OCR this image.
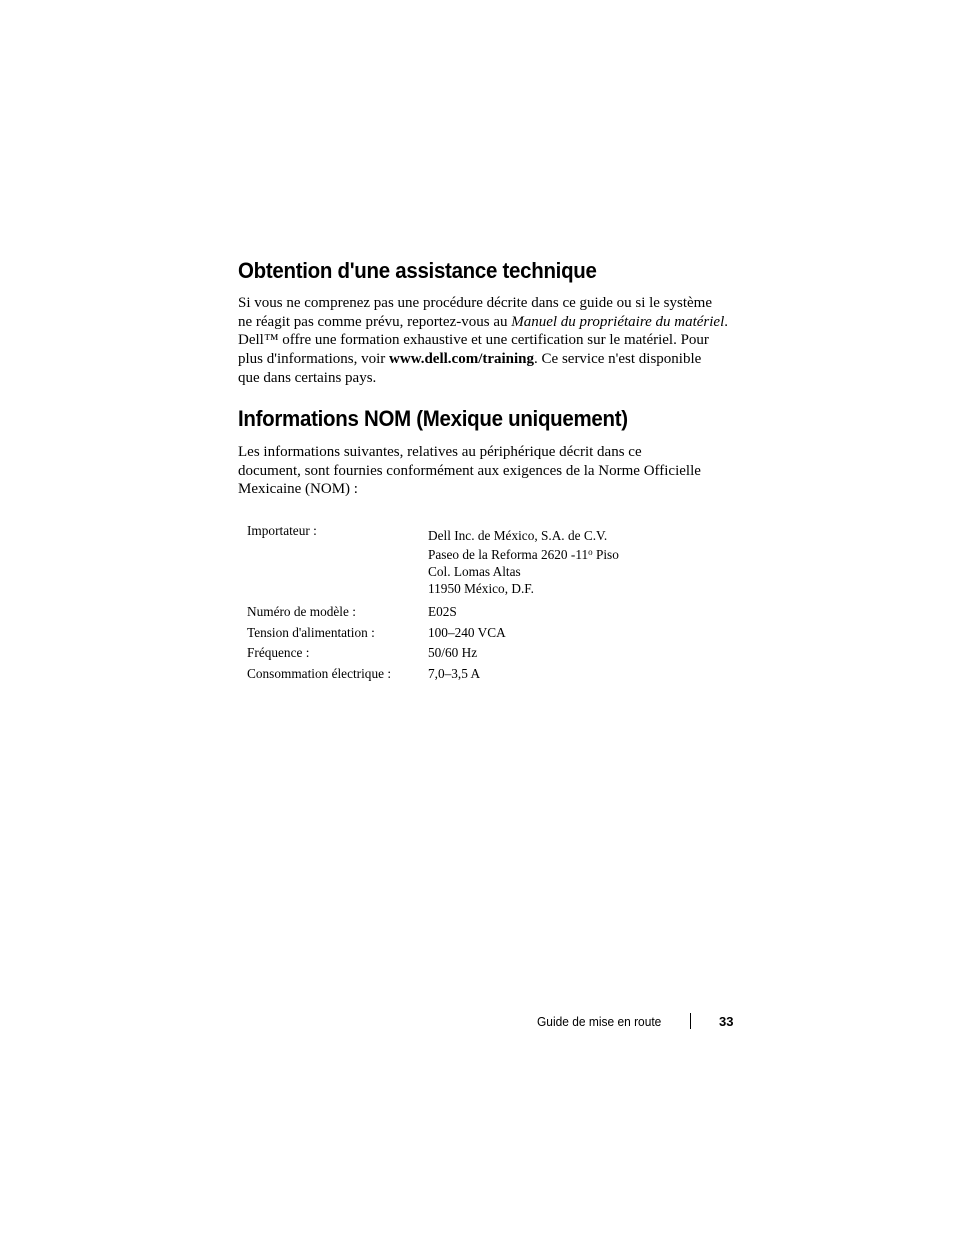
Obtention d'une assistance technique

Si vous ne comprenez pas une procédure décrite dans ce guide ou si le système
ne réagit pas comme prévu, reportez-vous au Manuel du propriétaire du matériel.
Dell™ offre une formation exhaustive et une certification sur le matériel. Pour
plus d'informations, voir www.dell.com/training. Ce service n'est disponible
que dans certains pays.

Informations NOM (Mexique uniquement)

Les informations suivantes, relatives au périphérique décrit dans ce
document, sont fournies conformément aux exigences de la Norme Officielle
Mexicaine (NOM) :

Importateur :	Dell Inc. de México, S.A. de C.V.
Paseo de la Reforma 2620 -11$^o$ Piso
Col. Lomas Altas
11950 México, D.F.
Numéro de modèle :	E02S
Tension d'alimentation :	100–240 VCA
Fréquence :	50/60 Hz
Consommation électrique :	7,0–3,5 A
Guide de mise en route	33
